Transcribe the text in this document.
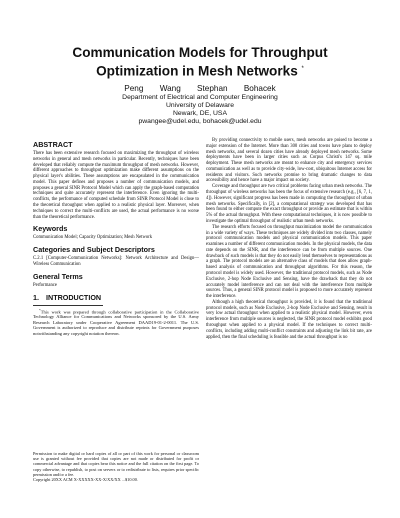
Communication Models for Throughput Optimization in Mesh Networks *
Peng Wang Stephan Bohacek
Department of Electrical and Computer Engineering
University of Delaware
Newark, DE, USA
pwangee@udel.edu, bohacek@udel.edu
ABSTRACT

There has been extensive research focused on maximizing the throughput of wireless networks in general and mesh networks in particular. Recently, techniques have been developed that reliably compute the maximum throughput of mesh networks. However, different approaches to throughput optimization make different assumptions on the physical layer's abilities. These assumptions are encapsulated in the communication model. This paper defines and proposes a number of communication models, and proposes a general SINR Protocol Model which can apply the graph-based computation techniques and quite accurately represent the interference. Even ignoring the multi-conflicts, the performance of computed schedule from SINR Protocol Model is close to the theoretical throughput when applied to a realistic physical layer. Moreover, when techniques to correct the multi-conflicts are used, the actual performance is no worse than the theoretical performance.

Keywords

Communication Model; Capacity Optimization; Mesh Network

Categories and Subject Descriptors

C.2.1 [Computer-Communication Networks]: Network Architecture and Design—Wireless Communication

General Terms

Performance

1. INTRODUCTION

*This work was prepared through collaborative participation in the Collaborative Technology Alliance for Communications and Networks sponsored by the U.S. Army Research Laboratory under Cooperative Agreement DAAD19-01-2-0011. The U.S. Government is authorized to reproduce and distribute reprints for Government purposes notwithstanding any copyright notation thereon.

Permission to make digital or hard copies of all or part of this work for personal or classroom use is granted without fee provided that copies are not made or distributed for profit or commercial advantage and that copies bear this notice and the full citation on the first page. To copy otherwise, to republish, to post on servers or to redistribute to lists, requires prior specific permission and/or a fee.

Copyright 20XX ACM X-XXXXX-XX-X/XX/XX ...$10.00.

By providing connectivity to mobile users, mesh networks are poised to become a major extension of the Internet. More than 300 cities and towns have plans to deploy mesh networks, and several dozen cities have already deployed mesh networks. Some deployments have been in larger cities such as Corpus Christi's 147 sq. mile deployment. These mesh networks are meant to enhance city and emergency services communication as well as to provide city-wide, low-cost, ubiquitous Internet access for residents and visitors. Such networks promise to bring dramatic changes to data accessibility and hence have a major impact on society.

Coverage and throughput are two critical problems facing urban mesh networks. The throughput of wireless networks has been the focus of extensive research (e.g., [6, 7, 1, 4]). However, significant progress has been made in computing the throughput of urban mesh networks. Specifically, in [2], a computational strategy was developed that has been found to either compute the exact throughput or provide an estimate that is within 5% of the actual throughput. With these computational techniques, it is now possible to investigate the optimal throughput of realistic urban mesh networks.

The research efforts focused on throughput maximization model the communication in a wide variety of ways. These techniques are widely divided into two classes, namely protocol communication models and physical communication models. This paper examines a number of different communication models. In the physical models, the data rate depends on the SINR, and the interference can be from multiple sources. One drawback of such models is that they do not easily lend themselves to representations as a graph. The protocol models are an alternative class of models that does allow graph-based analysis of communication and throughput algorithms. For this reason, the protocol model is widely used. However, the traditional protocol models, such as Node Exclusive, 2-hop Node Exclusive and Sensing, have the drawback that they do not accurately model interference and can not deal with the interference from multiple sources. Thus, a general SINR protocol model is proposed to more accurately represent the interference.

Although a high theoretical throughput is provided, it is found that the traditional protocol models, such as Node Exclusive, 2-hop Node Exclusive and Sensing, result in very low actual throughput when applied to a realistic physical model. However, even interference from multiple sources is neglected, the SINR protocol model exhibits good throughput when applied to a physical model. If the techniques to correct multi-conflicts, including adding multi-conflict constraints and adjusting the link bit rate, are applied, then the final scheduling is feasible and the actual throughput is no
